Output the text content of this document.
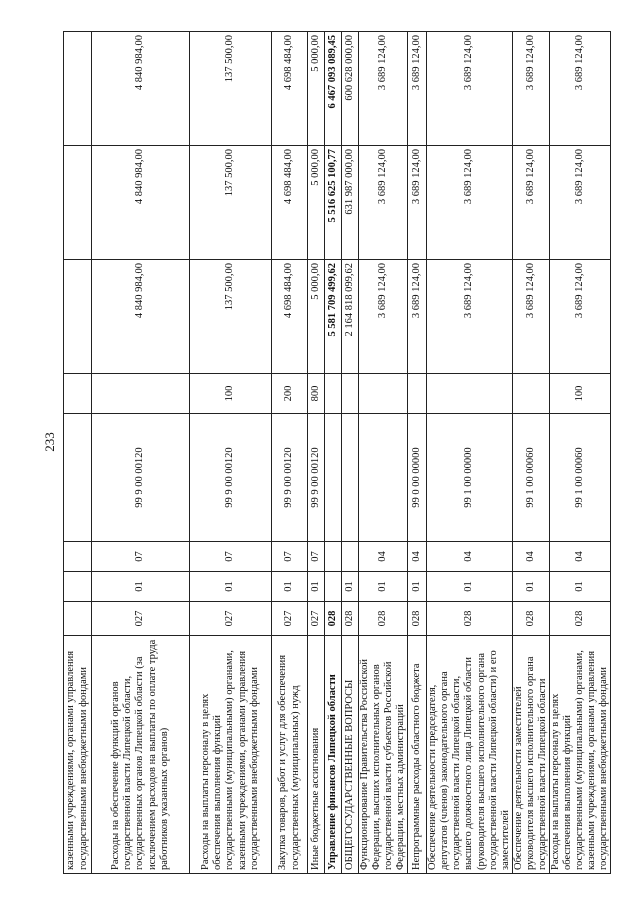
233
казенными учреждениями, органами управления государственными внебюджетными фондами								
Расходы на обеспечение функций органов государственной власти Липецкой области, государственных органов Липецкой области (за исключением расходов на выплаты по оплате труда работников указанных органов)	027	01	07	99 9 00 00120		4 840 984,00	4 840 984,00	4 840 984,00
Расходы на выплаты персоналу в целях обеспечения выполнения функций государственными (муниципальными) органами, казенными учреждениями, органами управления государственными внебюджетными фондами	027	01	07	99 9 00 00120	100	137 500,00	137 500,00	137 500,00
Закупка товаров, работ и услуг для обеспечения государственных (муниципальных) нужд	027	01	07	99 9 00 00120	200	4 698 484,00	4 698 484,00	4 698 484,00
Иные бюджетные ассигнования	027	01	07	99 9 00 00120	800	5 000,00	5 000,00	5 000,00
Управление финансов Липецкой области	028					5 581 709 499,62	5 516 625 100,77	6 467 093 089,45
ОБЩЕГОСУДАРСТВЕННЫЕ ВОПРОСЫ	028	01				2 164 818 099,62	631 987 000,00	600 628 000,00
Функционирование Правительства Российской Федерации, высших исполнительных органов государственной власти субъектов Российской Федерации, местных администраций	028	01	04			3 689 124,00	3 689 124,00	3 689 124,00
Непрограммные расходы областного бюджета	028	01	04	99 0 00 00000		3 689 124,00	3 689 124,00	3 689 124,00
Обеспечение деятельности председателя, депутатов (членов) законодательного органа государственной власти Липецкой области, высшего должностного лица Липецкой области (руководителя высшего исполнительного органа государственной власти Липецкой области) и его заместителей	028	01	04	99 1 00 00000		3 689 124,00	3 689 124,00	3 689 124,00
Обеспечение деятельности заместителей руководителя высшего исполнительного органа государственной власти Липецкой области	028	01	04	99 1 00 00060		3 689 124,00	3 689 124,00	3 689 124,00
Расходы на выплаты персоналу в целях обеспечения выполнения функций государственными (муниципальными) органами, казенными учреждениями, органами управления государственными внебюджетными фондами	028	01	04	99 1 00 00060	100	3 689 124,00	3 689 124,00	3 689 124,00
